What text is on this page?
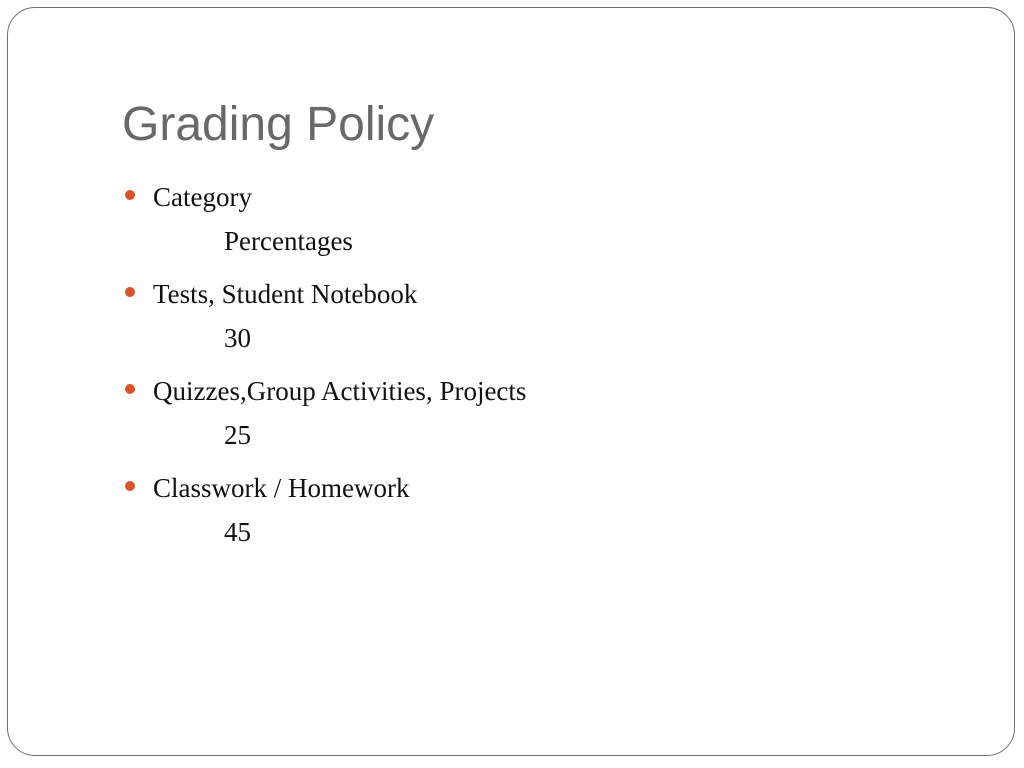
Grading Policy
Category
Percentages
Tests, Student Notebook
30
Quizzes,Group Activities, Projects
25
Classwork / Homework
45
